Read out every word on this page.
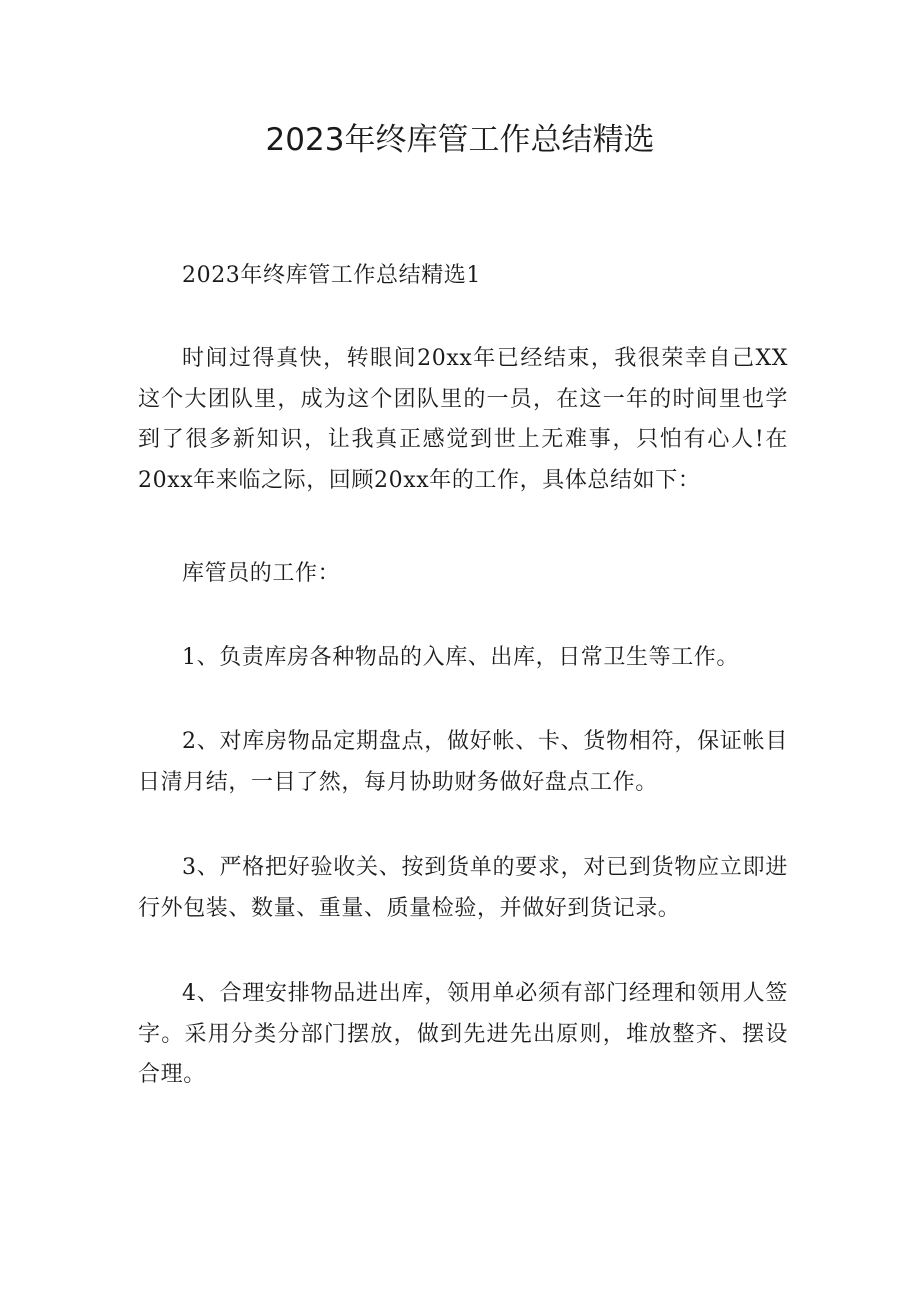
2023年终库管工作总结精选

2023年终库管工作总结精选1

时间过得真快，转眼间20xx年已经结束，我很荣幸自己XX这个大团队里，成为这个团队里的一员，在这一年的时间里也学到了很多新知识，让我真正感觉到世上无难事，只怕有心人!在20xx年来临之际，回顾20xx年的工作，具体总结如下：

库管员的工作：

1、负责库房各种物品的入库、出库，日常卫生等工作。

2、对库房物品定期盘点，做好帐、卡、货物相符，保证帐目日清月结，一目了然，每月协助财务做好盘点工作。

3、严格把好验收关、按到货单的要求，对已到货物应立即进行外包装、数量、重量、质量检验，并做好到货记录。

4、合理安排物品进出库，领用单必须有部门经理和领用人签字。采用分类分部门摆放，做到先进先出原则，堆放整齐、摆设合理。
